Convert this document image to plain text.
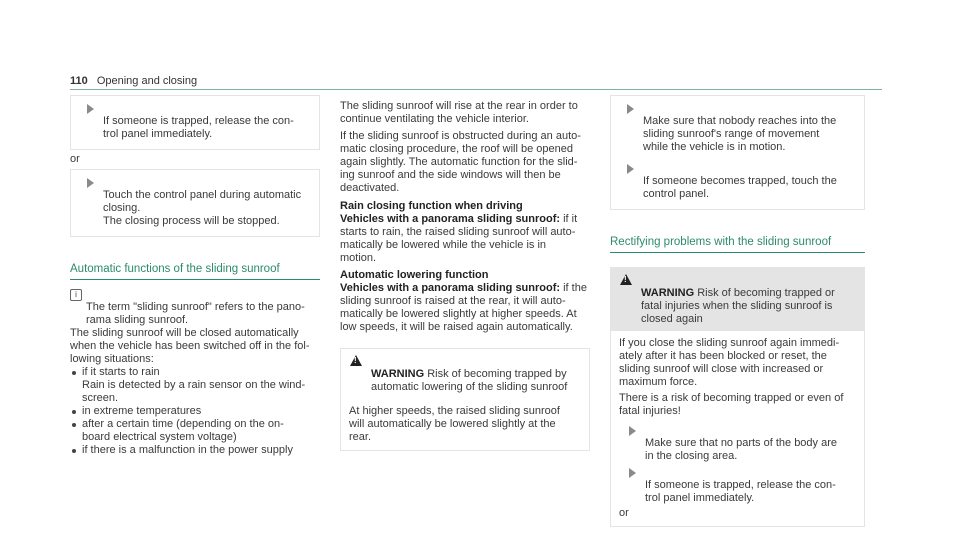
110 Opening and closing

If someone is trapped, release the con-
trol panel immediately.

or

Touch the control panel during automatic
closing.
The closing process will be stopped.

Automatic functions of the sliding sunroof

i
The term "sliding sunroof" refers to the pano-
rama sliding sunroof.

The sliding sunroof will be closed automatically
when the vehicle has been switched off in the fol-
lowing situations:

if it starts to rain

Rain is detected by a rain sensor on the wind-
screen.

in extreme temperatures

after a certain time (depending on the on-
board electrical system voltage)

if there is a malfunction in the power supply

The sliding sunroof will rise at the rear in order to
continue ventilating the vehicle interior.

If the sliding sunroof is obstructed during an auto-
matic closing procedure, the roof will be opened
again slightly. The automatic function for the slid-
ing sunroof and the side windows will then be
deactivated.

Rain closing function when driving

Vehicles with a panorama sliding sunroof: if it
starts to rain, the raised sliding sunroof will auto-
matically be lowered while the vehicle is in
motion.

Automatic lowering function

Vehicles with a panorama sliding sunroof: if the
sliding sunroof is raised at the rear, it will auto-
matically be lowered slightly at higher speeds. At
low speeds, it will be raised again automatically.

!
WARNING Risk of becoming trapped by
automatic lowering of the sliding sunroof

At higher speeds, the raised sliding sunroof
will automatically be lowered slightly at the
rear.

Make sure that nobody reaches into the
sliding sunroof's range of movement
while the vehicle is in motion.

If someone becomes trapped, touch the
control panel.

Rectifying problems with the sliding sunroof

!
WARNING Risk of becoming trapped or
fatal injuries when the sliding sunroof is
closed again

If you close the sliding sunroof again immedi-
ately after it has been blocked or reset, the
sliding sunroof will close with increased or
maximum force.

There is a risk of becoming trapped or even of
fatal injuries!

Make sure that no parts of the body are
in the closing area.

If someone is trapped, release the con-
trol panel immediately.

or
